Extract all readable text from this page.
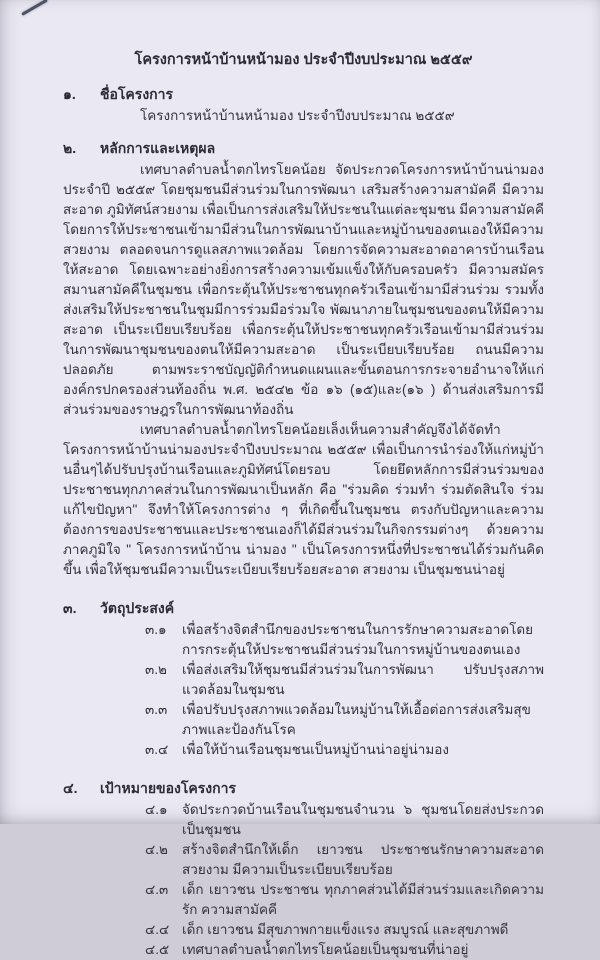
โครงการหน้าบ้านหน้ามอง ประจำปีงบประมาณ ๒๕๕๙
๑.	ชื่อโครงการ

โครงการหน้าบ้านหน้ามอง ประจำปีงบประมาณ ๒๕๕๙

๒.	หลักการและเหตุผล

เทศบาลตำบลน้ำตกไทรโยคน้อย จัดประกวดโครงการหน้าบ้านน่ามอง ประจำปี ๒๕๕๙ โดยชุมชนมีส่วนร่วมในการพัฒนา เสริมสร้างความสามัคคี มีความสะอาด ภูมิทัศน์สวยงาม เพื่อเป็นการส่งเสริมให้ประชนในแต่ละชุมชน มีความสามัคคี โดยการให้ประชาชนเข้ามามีส่วนในการพัฒนาบ้านและหมู่บ้านของตนเองให้มีความสวยงาม ตลอดจนการดูแลสภาพแวดล้อม โดยการจัดความสะอาดอาคารบ้านเรือนให้สะอาด โดยเฉพาะอย่างยิ่งการสร้างความเข้มแข็งให้กับครอบครัว มีความสมัครสมานสามัคคีในชุมชน เพื่อกระตุ้นให้ประชาชนทุกครัวเรือนเข้ามามีส่วนร่วม รวมทั้งส่งเสริมให้ประชาชนในชุมมีการร่วมมือร่วมใจ พัฒนาภายในชุมชนของตนให้มีความสะอาด เป็นระเบียบเรียบร้อย เพื่อกระตุ้นให้ประชาชนทุกครัวเรือนเข้ามามีส่วนร่วมในการพัฒนาชุมชนของตนให้มีความสะอาด เป็นระเบียบเรียบร้อย ถนนมีความปลอดภัย ตามพระราชบัญญัติกำหนดแผนและขั้นตอนการกระจายอำนาจให้แก่องค์กรปกครองส่วนท้องถิ่น พ.ศ. ๒๕๔๒ ข้อ ๑๖ (๑๕)และ(๑๖ ) ด้านส่งเสริมการมีส่วนร่วมของราษฎรในการพัฒนาท้องถิ่น

เทศบาลตำบลน้ำตกไทรโยคน้อยเล็งเห็นความสำคัญจึงได้จัดทำโครงการหน้าบ้านน่ามองประจำปีงบประมาณ ๒๕๕๙ เพื่อเป็นการนำร่องให้แก่หมู่บ้านอื่นๆได้ปรับปรุงบ้านเรือนและภูมิทัศน์โดยรอบ โดยยึดหลักการมีส่วนร่วมของประชาชนทุกภาคส่วนในการพัฒนาเป็นหลัก คือ "ร่วมคิด ร่วมทำ ร่วมตัดสินใจ ร่วมแก้ไขปัญหา" จึงทำให้โครงการต่าง ๆ ที่เกิดขึ้นในชุมชน ตรงกับปัญหาและความต้องการของประชาชนและประชาชนเองก็ได้มีส่วนร่วมในกิจกรรมต่างๆ ด้วยความภาคภูมิใจ " โครงการหน้าบ้าน น่ามอง " เป็นโครงการหนึ่งที่ประชาชนได้ร่วมกันคิดขึ้น เพื่อให้ชุมชนมีความเป็นระเบียบเรียบร้อยสะอาด สวยงาม เป็นชุมชนน่าอยู่

๓.	วัตถุประสงค์
๓.๑	เพื่อสร้างจิตสำนึกของประชาชนในการรักษาความสะอาดโดยการกระตุ้นให้ประชาชนมีส่วนร่วมในการหมู่บ้านของตนเอง
๓.๒	เพื่อส่งเสริมให้ชุมชนมีส่วนร่วมในการพัฒนา ปรับปรุงสภาพแวดล้อมในชุมชน
๓.๓	เพื่อปรับปรุงสภาพแวดล้อมในหมู่บ้านให้เอื้อต่อการส่งเสริมสุขภาพและป้องกันโรค
๓.๔	เพื่อให้บ้านเรือนชุมชนเป็นหมู่บ้านน่าอยู่น่ามอง
๔.	เป้าหมายของโครงการ
๔.๑	จัดประกวดบ้านเรือนในชุมชนจำนวน ๖ ชุมชนโดยส่งประกวดเป็นชุมชน
๔.๒	สร้างจิตสำนึกให้เด็ก เยาวชน ประชาชนรักษาความสะอาด สวยงาม มีความเป็นระเบียบเรียบร้อย
๔.๓	เด็ก เยาวชน ประชาชน ทุกภาคส่วนได้มีส่วนร่วมและเกิดความรัก ความสามัคคี
๔.๔ เด็ก เยาวชน มีสุขภาพกายแข็งแรง สมบูรณ์ และสุขภาพดี
๔.๕ เทศบาลตำบลน้ำตกไทรโยคน้อยเป็นชุมชนที่น่าอยู่
